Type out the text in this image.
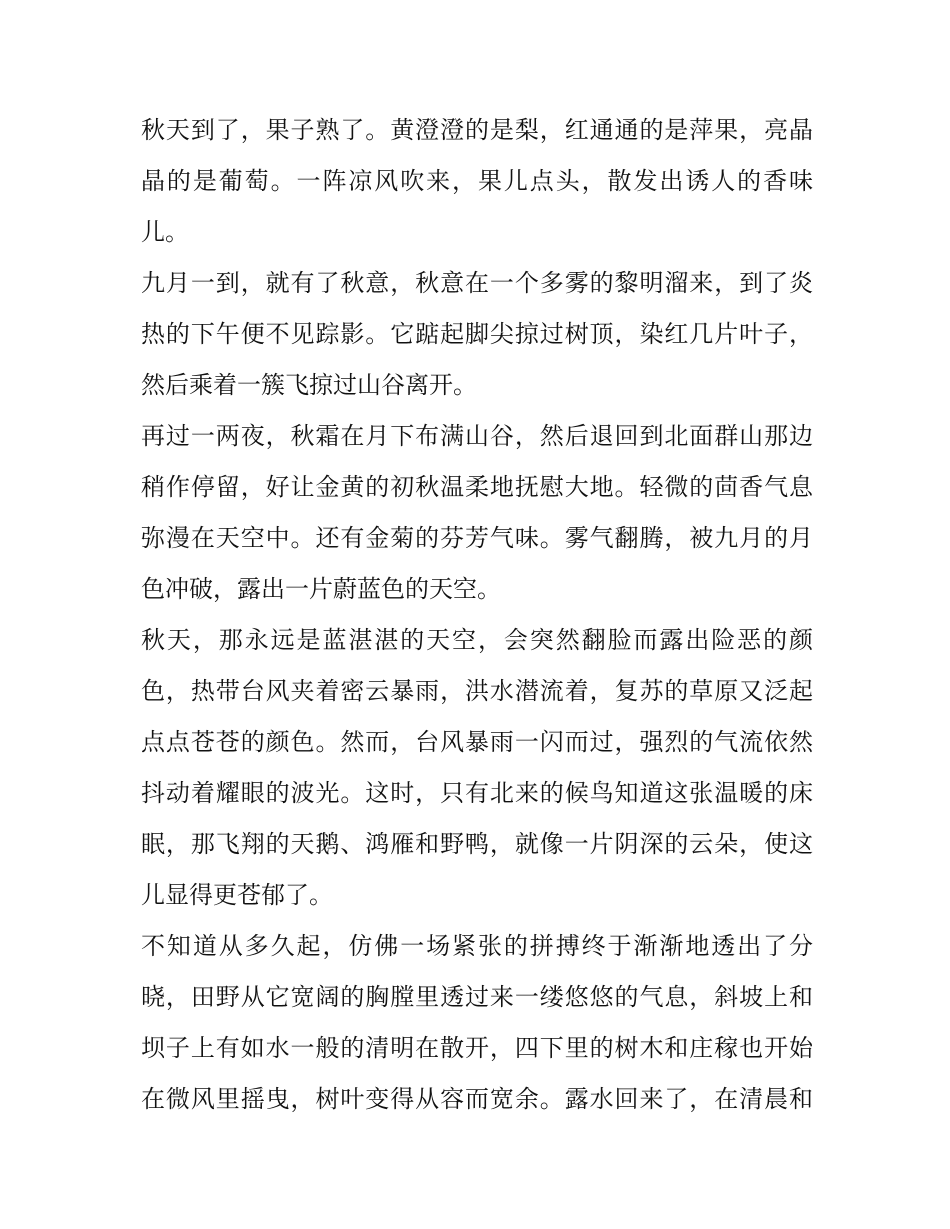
秋天到了，果子熟了。黄澄澄的是梨，红通通的是萍果，亮晶
晶的是葡萄。一阵凉风吹来，果儿点头，散发出诱人的香味
儿。
九月一到，就有了秋意，秋意在一个多雾的黎明溜来，到了炎
热的下午便不见踪影。它踮起脚尖掠过树顶，染红几片叶子，
然后乘着一簇飞掠过山谷离开。
再过一两夜，秋霜在月下布满山谷，然后退回到北面群山那边
稍作停留，好让金黄的初秋温柔地抚慰大地。轻微的茴香气息
弥漫在天空中。还有金菊的芬芳气味。雾气翻腾，被九月的月
色冲破，露出一片蔚蓝色的天空。
秋天，那永远是蓝湛湛的天空，会突然翻脸而露出险恶的颜
色，热带台风夹着密云暴雨，洪水潜流着，复苏的草原又泛起
点点苍苍的颜色。然而，台风暴雨一闪而过，强烈的气流依然
抖动着耀眼的波光。这时，只有北来的候鸟知道这张温暖的床
眠，那飞翔的天鹅、鸿雁和野鸭，就像一片阴深的云朵，使这
儿显得更苍郁了。
不知道从多久起，仿佛一场紧张的拼搏终于渐渐地透出了分
晓，田野从它宽阔的胸膛里透过来一缕悠悠的气息，斜坡上和
坝子上有如水一般的清明在散开，四下里的树木和庄稼也开始
在微风里摇曳，树叶变得从容而宽余。露水回来了，在清晨和
